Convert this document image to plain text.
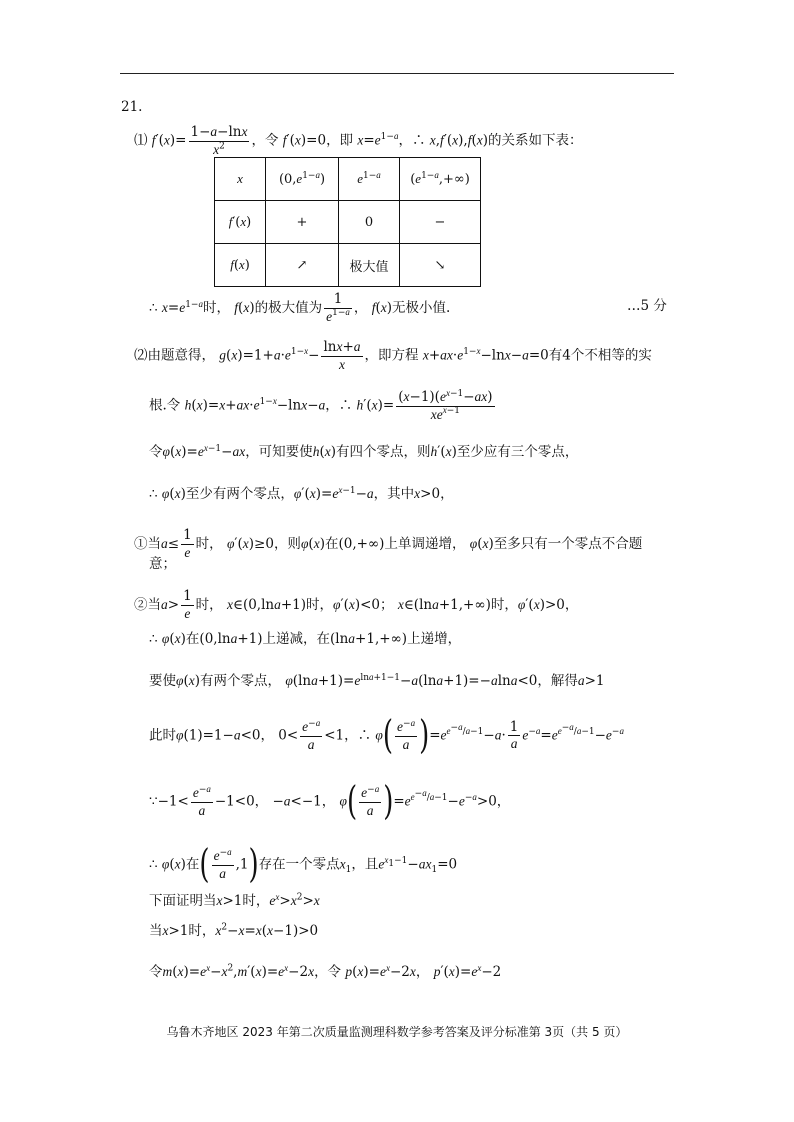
21.
⑴ $f'(x)= \frac{1-a-\ln x}{x^2}$ ，令 f′(x)=0，即 $x=e^{1-a}$，∴ x,f′(x),f(x)的关系如下表：
x	$(0,e^{1-a})$	$e^{1-a}$	$(e^{1-a},+\infty)$
f′(x)	+	0	−
f(x)	↗	极大值	↘
∴ $x=e^{1-a}$时， f(x)的极大值为 $\frac{1}{e^{1-a}}$ ， f(x)无极小值.	…5 分
⑵由题意得， $g(x)=1+a\cdot e^{1-x}- \frac{\ln x+a}{x}$ ，即方程 $x+ax\cdot e^{1-x}-\ln x-a=0$有4个不相等的实
根.令 $h(x)=x+ax\cdot e^{1-x}-\ln x-a$，∴ $h'(x)= \frac{(x-1)(e^{x-1}-ax)}{xe^{x-1}}$
令$\varphi(x)=e^{x-1}-ax$，可知要使h(x)有四个零点，则h′(x)至少应有三个零点，
∴ φ(x)至少有两个零点，$\varphi'(x)=e^{x-1}-a$，其中x>0，
①当$a\le \frac{1}{e}$ 时， φ′(x)≥0，则φ(x)在(0,+∞)上单调递增， φ(x)至多只有一个零点不合题
意；
②当$a> \frac{1}{e}$ 时， x∈(0,lna+1)时，φ′(x)<0； x∈(lna+1,+∞)时，φ′(x)>0，
∴ φ(x)在(0,lna+1)上递减，在(lna+1,+∞)上递增，
要使φ(x)有两个零点， $\varphi(\ln a+1)=e^{lna+1-1}-a(\ln a+1)=-alna<0$，解得a>1
此时φ(1)=1−a<0， $0< \frac{e^{-a}}{a} <1$，∴ $\varphi( \frac{e^{-a}}{a} )=e^{e^{-a}/a-1}-a\cdot \frac{1}{a} e^{-a}=e^{e^{-a}/a-1}-e^{-a}$
∵−1< $\frac{e^{-a}}{a} -1<0$， −a<−1， $\varphi( \frac{e^{-a}}{a} )=e^{e^{-a}/a-1}-e^{-a}>0$，
∴ φ(x)在( $\frac{e^{-a}}{a} ,1$)存在一个零点$x_1$，且$e^{x_1-1}-ax_1=0$
下面证明当x>1时，$e^x>x^2>x$
当x>1时，$x^2-x=x(x-1)>0$
令$m(x)=e^x-x^2,m'(x)=e^x-2x$，令 $p(x)=e^x-2x$， $p'(x)=e^x-2$
乌鲁木齐地区 2023 年第二次质量监测理科数学参考答案及评分标准第 3页（共 5 页）
